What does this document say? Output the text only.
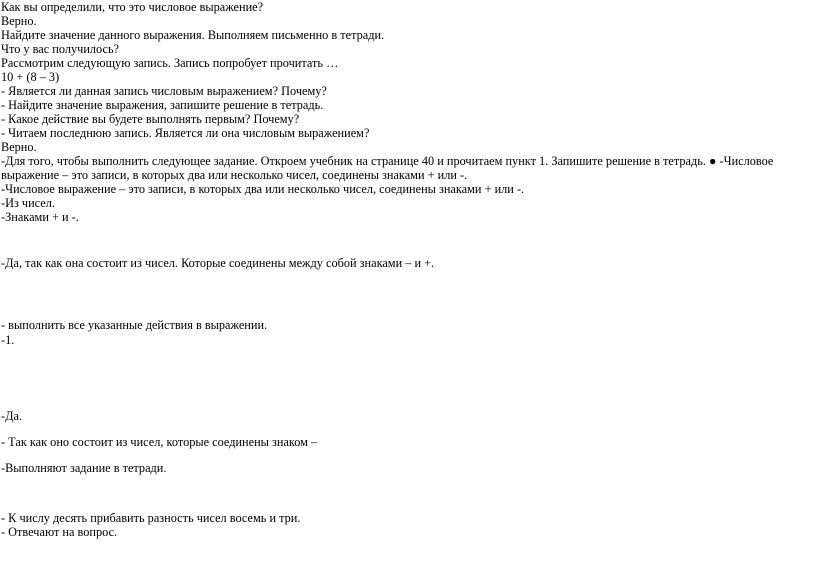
Как вы определили, что это числовое выражение?
Верно.
Найдите значение данного выражения. Выполняем письменно в тетради.
Что у вас получилось?
Рассмотрим следующую запись. Запись попробует прочитать …
10 + (8 – 3)
- Является ли данная запись числовым выражением? Почему?
- Найдите значение выражения, запишите решение в тетрадь.
- Какое действие вы будете выполнять первым? Почему?
- Читаем последнюю запись. Является ли она числовым выражением?
Верно.
-Для того, чтобы выполнить следующее задание. Откроем учебник на странице 40 и прочитаем пункт 1. Запишите решение в тетрадь. ● -Числовое выражение – это записи, в которых два или несколько чисел, соединены знаками + или -.
-Числовое выражение – это записи, в которых два или несколько чисел, соединены знаками + или -.
-Из чисел.
-Знаками + и -.
-Да, так как она состоит из чисел. Которые соединены между собой знаками – и +.
- выполнить все указанные действия в выражении.
-1.
-Да.
- Так как оно состоит из чисел, которые соединены знаком –
-Выполняют задание в тетради.
- К числу десять прибавить разность чисел восемь и три.
- Отвечают на вопрос.
